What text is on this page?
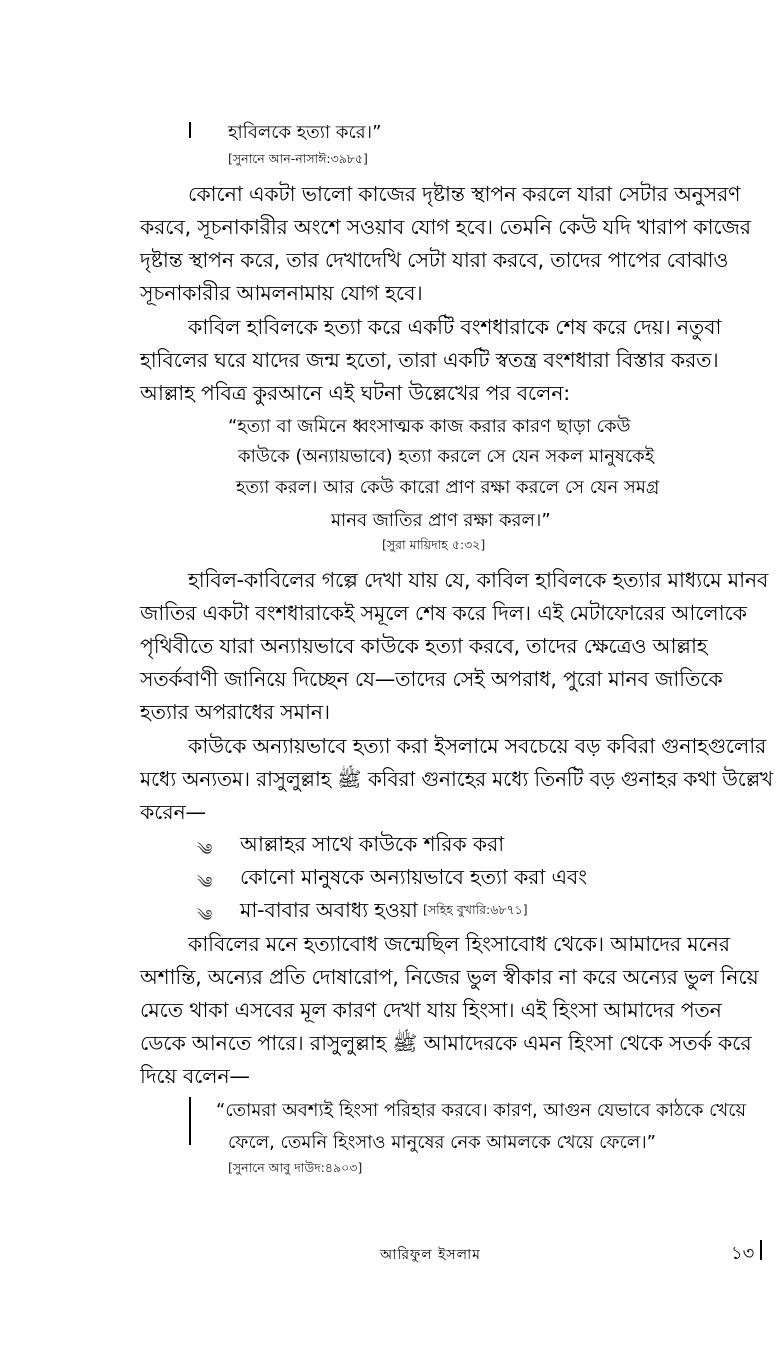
হাবিলকে হত্যা করে।”
[সুনানে আন-নাসাঈ:৩৯৮৫]
কোনো একটা ভালো কাজের দৃষ্টান্ত স্থাপন করলে যারা সেটার অনুসরণ
করবে, সূচনাকারীর অংশে সওয়াব যোগ হবে। তেমনি কেউ যদি খারাপ কাজের
দৃষ্টান্ত স্থাপন করে, তার দেখাদেখি সেটা যারা করবে, তাদের পাপের বোঝাও
সূচনাকারীর আমলনামায় যোগ হবে।
কাবিল হাবিলকে হত্যা করে একটি বংশধারাকে শেষ করে দেয়। নতুবা
হাবিলের ঘরে যাদের জন্ম হতো, তারা একটি স্বতন্ত্র বংশধারা বিস্তার করত।
আল্লাহ পবিত্র কুরআনে এই ঘটনা উল্লেখের পর বলেন:
“হত্যা বা জমিনে ধ্বংসাত্মক কাজ করার কারণ ছাড়া কেউ
কাউকে (অন্যায়ভাবে) হত্যা করলে সে যেন সকল মানুষকেই
হত্যা করল। আর কেউ কারো প্রাণ রক্ষা করলে সে যেন সমগ্র
মানব জাতির প্রাণ রক্ষা করল।”
[সুরা মায়িদাহ ৫:৩২]
হাবিল-কাবিলের গল্পে দেখা যায় যে, কাবিল হাবিলকে হত্যার মাধ্যমে মানব
জাতির একটা বংশধারাকেই সমূলে শেষ করে দিল। এই মেটাফোরের আলোকে
পৃথিবীতে যারা অন্যায়ভাবে কাউকে হত্যা করবে, তাদের ক্ষেত্রেও আল্লাহ
সতর্কবাণী জানিয়ে দিচ্ছেন যে—তাদের সেই অপরাধ, পুরো মানব জাতিকে
হত্যার অপরাধের সমান।
কাউকে অন্যায়ভাবে হত্যা করা ইসলামে সবচেয়ে বড় কবিরা গুনাহগুলোর
মধ্যে অন্যতম। রাসুলুল্লাহ ﷺ কবিরা গুনাহের মধ্যে তিনটি বড় গুনাহর কথা উল্লেখ
করেন—
༄ আল্লাহর সাথে কাউকে শরিক করা
༄ কোনো মানুষকে অন্যায়ভাবে হত্যা করা এবং
༄ মা-বাবার অবাধ্য হওয়া [সহিহ বুখারি:৬৮৭১]
কাবিলের মনে হত্যাবোধ জন্মেছিল হিংসাবোধ থেকে। আমাদের মনের
অশান্তি, অন্যের প্রতি দোষারোপ, নিজের ভুল স্বীকার না করে অন্যের ভুল নিয়ে
মেতে থাকা এসবের মূল কারণ দেখা যায় হিংসা। এই হিংসা আমাদের পতন
ডেকে আনতে পারে। রাসুলুল্লাহ ﷺ আমাদেরকে এমন হিংসা থেকে সতর্ক করে
দিয়ে বলেন—
“তোমরা অবশ্যই হিংসা পরিহার করবে। কারণ, আগুন যেভাবে কাঠকে খেয়ে
ফেলে, তেমনি হিংসাও মানুষের নেক আমলকে খেয়ে ফেলে।”
[সুনানে আবু দাউদ:৪৯০৩]
আরিফুল ইসলাম	১৩
